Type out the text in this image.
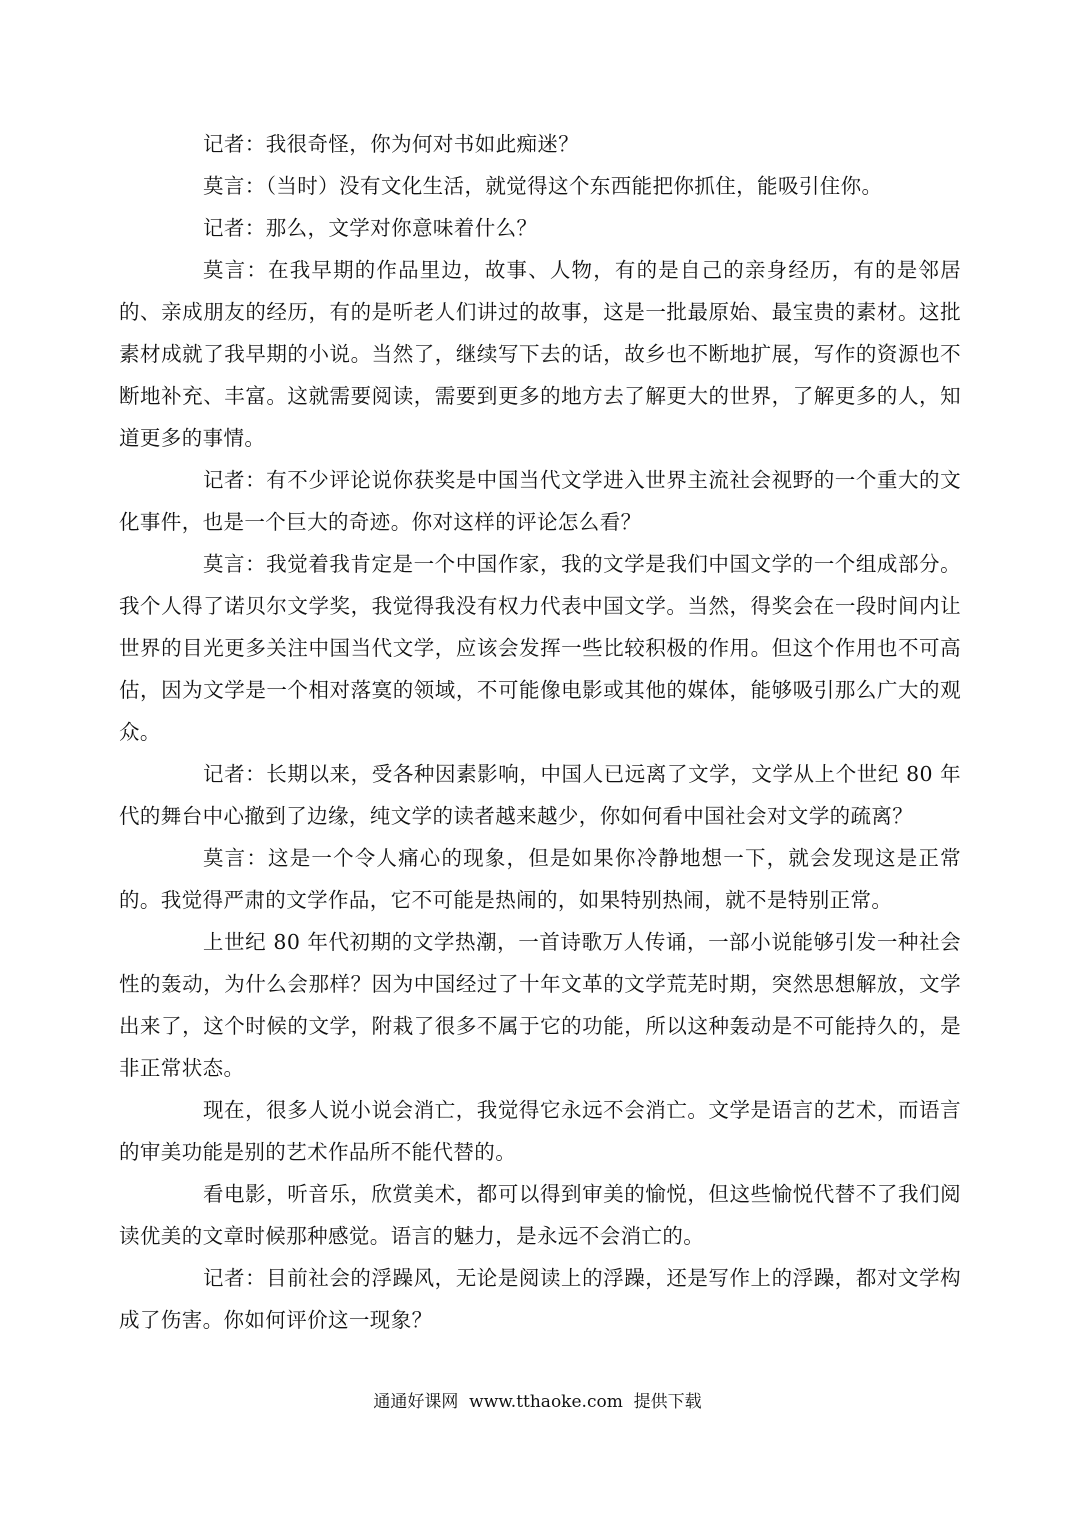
记者：我很奇怪，你为何对书如此痴迷？

莫言：（当时）没有文化生活，就觉得这个东西能把你抓住，能吸引住你。

记者：那么，文学对你意味着什么？

莫言：在我早期的作品里边，故事、人物，有的是自己的亲身经历，有的是邻居的、亲成朋友的经历，有的是听老人们讲过的故事，这是一批最原始、最宝贵的素材。这批素材成就了我早期的小说。当然了，继续写下去的话，故乡也不断地扩展，写作的资源也不断地补充、丰富。这就需要阅读，需要到更多的地方去了解更大的世界，了解更多的人，知道更多的事情。

记者：有不少评论说你获奖是中国当代文学进入世界主流社会视野的一个重大的文化事件，也是一个巨大的奇迹。你对这样的评论怎么看？

莫言：我觉着我肯定是一个中国作家，我的文学是我们中国文学的一个组成部分。我个人得了诺贝尔文学奖，我觉得我没有权力代表中国文学。当然，得奖会在一段时间内让世界的目光更多关注中国当代文学，应该会发挥一些比较积极的作用。但这个作用也不可高估，因为文学是一个相对落寞的领域，不可能像电影或其他的媒体，能够吸引那么广大的观众。

记者：长期以来，受各种因素影响，中国人已远离了文学，文学从上个世纪 80 年代的舞台中心撤到了边缘，纯文学的读者越来越少，你如何看中国社会对文学的疏离？

莫言：这是一个令人痛心的现象，但是如果你冷静地想一下，就会发现这是正常的。我觉得严肃的文学作品，它不可能是热闹的，如果特别热闹，就不是特别正常。

上世纪 80 年代初期的文学热潮，一首诗歌万人传诵，一部小说能够引发一种社会性的轰动，为什么会那样？因为中国经过了十年文革的文学荒芜时期，突然思想解放，文学出来了，这个时候的文学，附栽了很多不属于它的功能，所以这种轰动是不可能持久的，是非正常状态。

现在，很多人说小说会消亡，我觉得它永远不会消亡。文学是语言的艺术，而语言的审美功能是别的艺术作品所不能代替的。

看电影，听音乐，欣赏美术，都可以得到审美的愉悦，但这些愉悦代替不了我们阅读优美的文章时候那种感觉。语言的魅力，是永远不会消亡的。

记者：目前社会的浮躁风，无论是阅读上的浮躁，还是写作上的浮躁，都对文学构成了伤害。你如何评价这一现象？

通通好课网 www.tthaoke.com 提供下载
